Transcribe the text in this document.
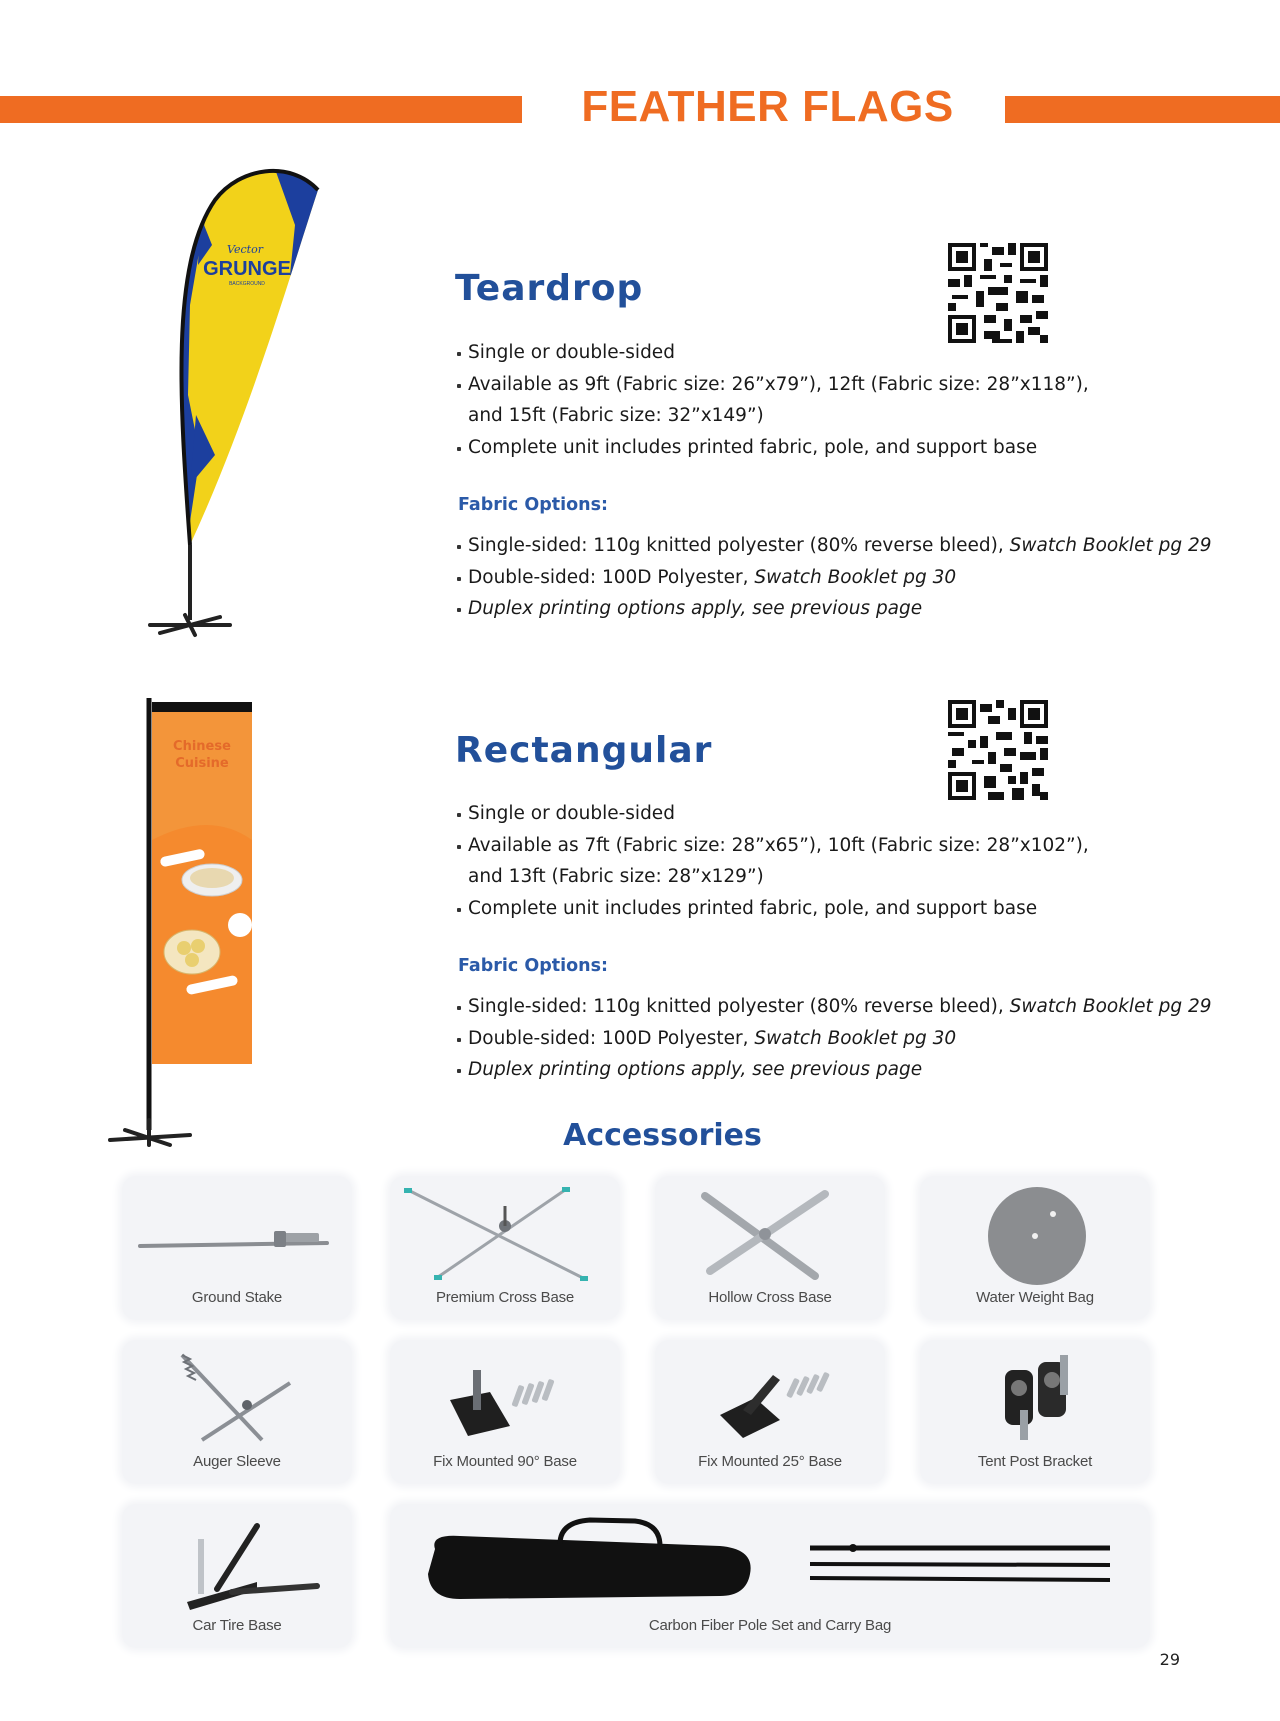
FEATHER FLAGS
Vector
GRUNGE
BACKGROUND	Teardrop
Single or double-sided
Available as 9ft (Fabric size: 26”x79”), 12ft (Fabric size: 28”x118”),
and 15ft (Fabric size: 32”x149”)
Complete unit includes printed fabric, pole, and support base

Fabric Options:

Single-sided: 110g knitted polyester (80% reverse bleed), Swatch Booklet pg 29
Double-sided: 100D Polyester, Swatch Booklet pg 30
Duplex printing options apply, see previous page
Chinese
Cuisine	Rectangular
Single or double-sided
Available as 7ft (Fabric size: 28”x65”), 10ft (Fabric size: 28”x102”),
and 13ft (Fabric size: 28”x129”)
Complete unit includes printed fabric, pole, and support base

Fabric Options:

Single-sided: 110g knitted polyester (80% reverse bleed), Swatch Booklet pg 29
Double-sided: 100D Polyester, Swatch Booklet pg 30
Duplex printing options apply, see previous page
Accessories
Ground Stake	Premium Cross Base	Hollow Cross Base	Water Weight Bag
Auger Sleeve	Fix Mounted 90° Base	Fix Mounted 25° Base	Tent Post Bracket
Car Tire Base	Carbon Fiber Pole Set and Carry Bag

29
